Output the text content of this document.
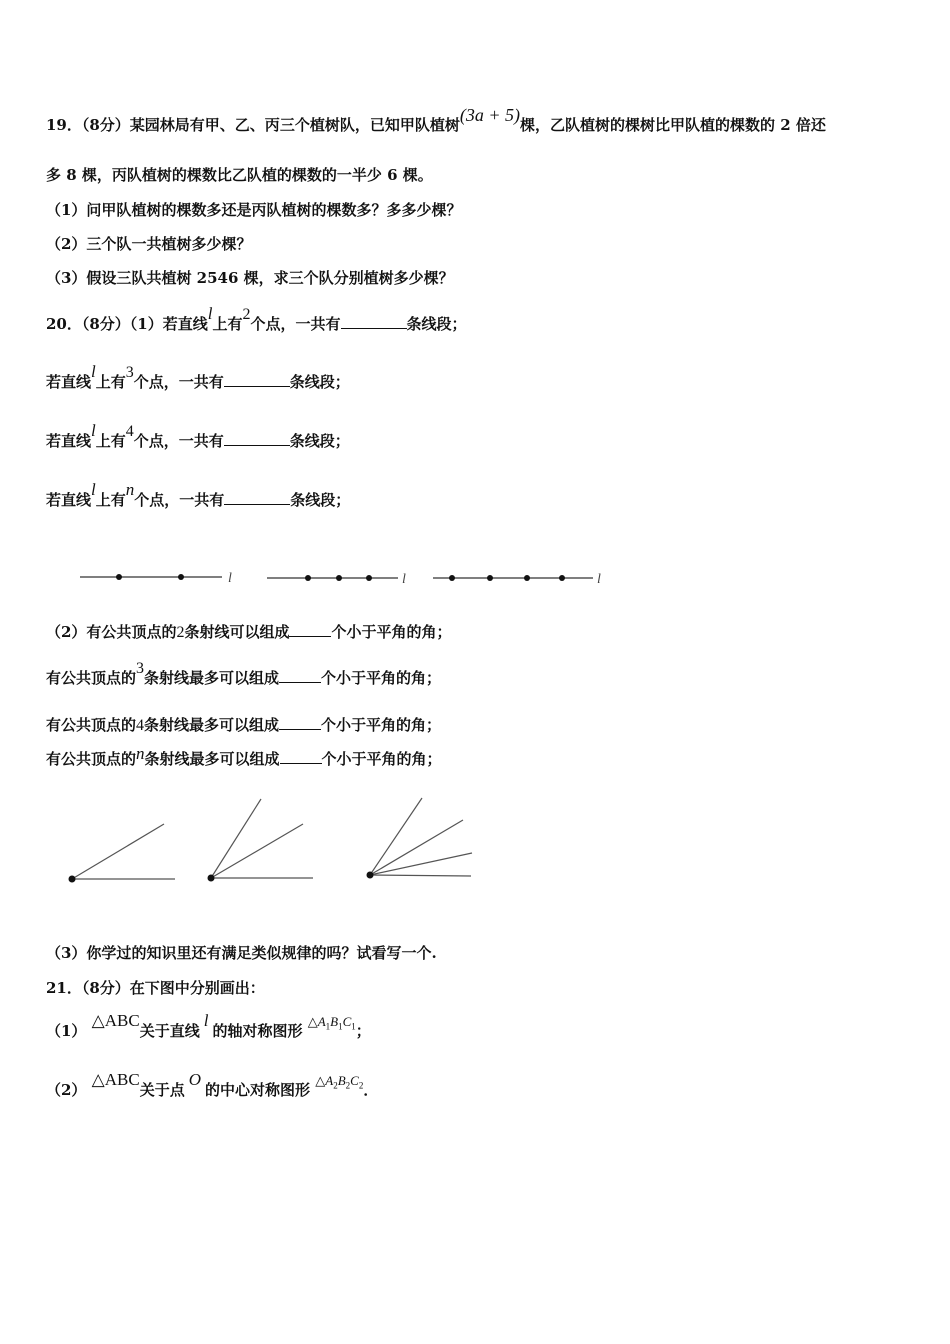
19．（8分）某园林局有甲、乙、丙三个植树队，已知甲队植树(3a + 5)棵，乙队植树的棵树比甲队植的棵数的 2 倍还
多 8 棵，丙队植树的棵数比乙队植的棵数的一半少 6 棵。
（1）问甲队植树的棵数多还是丙队植树的棵数多？多多少棵？
（2）三个队一共植树多少棵？
（3）假设三队共植树 2546 棵，求三个队分别植树多少棵？
20．（8分）（1）若直线l上有2个点，一共有	条线段；
若直线l上有3个点，一共有	条线段；
若直线l上有4个点，一共有	条线段；
若直线l上有n个点，一共有	条线段；
l	l	l
（2）有公共顶点的2条射线可以组成	个小于平角的角；
有公共顶点的3条射线最多可以组成	个小于平角的角；
有公共顶点的4条射线最多可以组成	个小于平角的角；
有公共顶点的n条射线最多可以组成	个小于平角的角；
（3）你学过的知识里还有满足类似规律的吗？试看写一个.
21．（8分）在下图中分别画出：
（1） △ABC关于直线l的轴对称图形 $\triangle A_1B_1C_1$；
（2） △ABC关于点O的中心对称图形 $\triangle A_2B_2C_2$．
